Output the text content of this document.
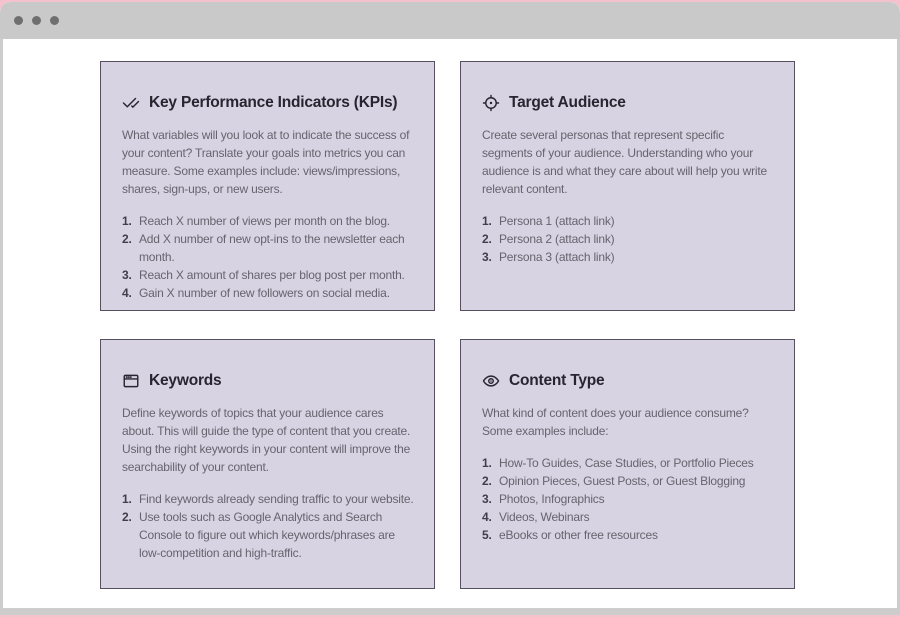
Key Performance Indicators (KPIs)
What variables will you look at to indicate the success of your content? Translate your goals into metrics you can measure. Some examples include: views/impressions, shares, sign-ups, or new users.
1. Reach X number of views per month on the blog.
2. Add X number of new opt-ins to the newsletter each month.
3. Reach X amount of shares per blog post per month.
4. Gain X number of new followers on social media.
Target Audience
Create several personas that represent specific segments of your audience. Understanding who your audience is and what they care about will help you write relevant content.
1. Persona 1 (attach link)
2. Persona 2 (attach link)
3. Persona 3 (attach link)
Keywords
Define keywords of topics that your audience cares about. This will guide the type of content that you create. Using the right keywords in your content will improve the searchability of your content.
1. Find keywords already sending traffic to your website.
2. Use tools such as Google Analytics and Search Console to figure out which keywords/phrases are low-competition and high-traffic.
Content Type
What kind of content does your audience consume? Some examples include:
1. How-To Guides, Case Studies, or Portfolio Pieces
2. Opinion Pieces, Guest Posts, or Guest Blogging
3. Photos, Infographics
4. Videos, Webinars
5. eBooks or other free resources
